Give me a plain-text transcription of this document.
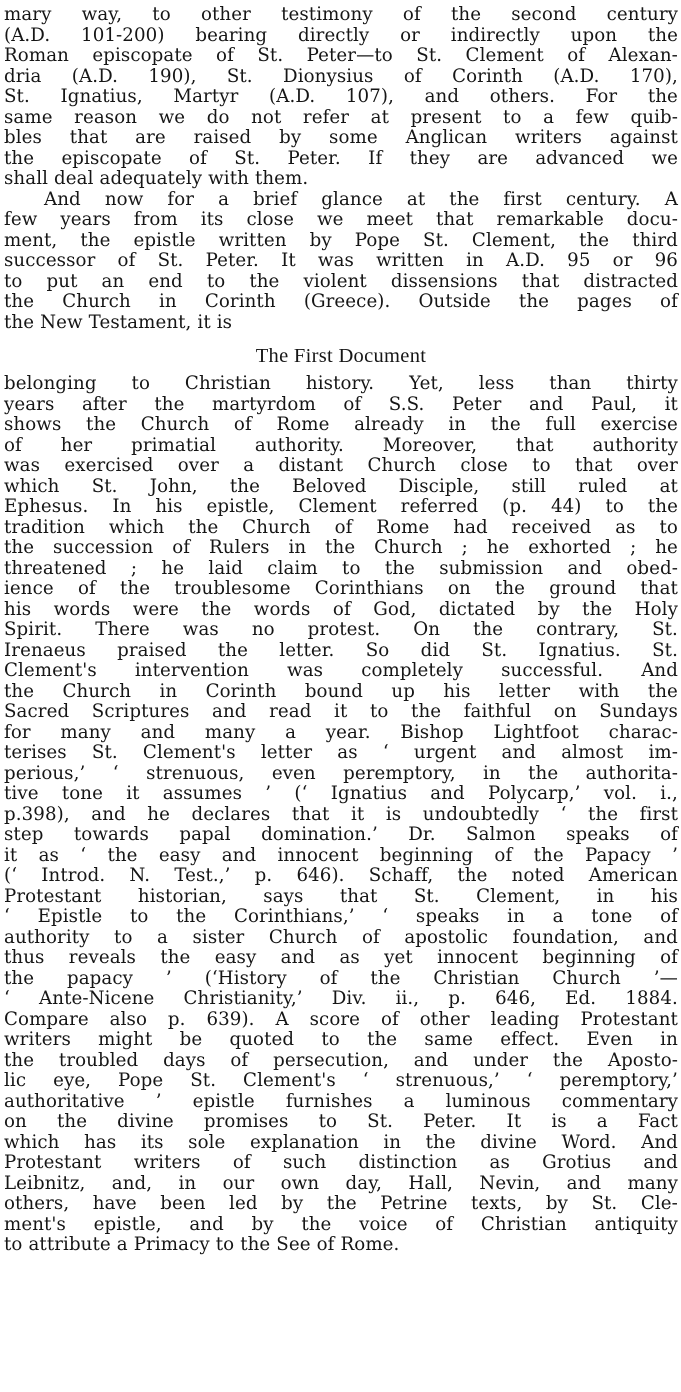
mary way, to other testimony of the second century
(A.D. 101-200) bearing directly or indirectly upon the
Roman episcopate of St. Peter—to St. Clement of Alexan-
dria (A.D. 190), St. Dionysius of Corinth (A.D. 170),
St. Ignatius, Martyr (A.D. 107), and others. For the
same reason we do not refer at present to a few quib-
bles that are raised by some Anglican writers against
the episcopate of St. Peter. If they are advanced we
shall deal adequately with them.
And now for a brief glance at the first century. A
few years from its close we meet that remarkable docu-
ment, the epistle written by Pope St. Clement, the third
successor of St. Peter. It was written in A.D. 95 or 96
to put an end to the violent dissensions that distracted
the Church in Corinth (Greece). Outside the pages of
the New Testament, it is
The First Document
belonging to Christian history. Yet, less than thirty
years after the martyrdom of S.S. Peter and Paul, it
shows the Church of Rome already in the full exercise
of her primatial authority. Moreover, that authority
was exercised over a distant Church close to that over
which St. John, the Beloved Disciple, still ruled at
Ephesus. In his epistle, Clement referred (p. 44) to the
tradition which the Church of Rome had received as to
the succession of Rulers in the Church ; he exhorted ; he
threatened ; he laid claim to the submission and obed-
ience of the troublesome Corinthians on the ground that
his words were the words of God, dictated by the Holy
Spirit. There was no protest. On the contrary, St.
Irenaeus praised the letter. So did St. Ignatius. St.
Clement's intervention was completely successful. And
the Church in Corinth bound up his letter with the
Sacred Scriptures and read it to the faithful on Sundays
for many and many a year. Bishop Lightfoot charac-
terises St. Clement's letter as ‘ urgent and almost im-
perious,’ ‘ strenuous, even peremptory, in the authorita-
tive tone it assumes ’ (‘ Ignatius and Polycarp,’ vol. i.,
p.398), and he declares that it is undoubtedly ‘ the first
step towards papal domination.’ Dr. Salmon speaks of
it as ‘ the easy and innocent beginning of the Papacy ’
(‘ Introd. N. Test.,’ p. 646). Schaff, the noted American
Protestant historian, says that St. Clement, in his
‘ Epistle to the Corinthians,’ ‘ speaks in a tone of
authority to a sister Church of apostolic foundation, and
thus reveals the easy and as yet innocent beginning of
the papacy ’ (‘History of the Christian Church ’—
‘ Ante-Nicene Christianity,’ Div. ii., p. 646, Ed. 1884.
Compare also p. 639). A score of other leading Protestant
writers might be quoted to the same effect. Even in
the troubled days of persecution, and under the Aposto-
lic eye, Pope St. Clement's ‘ strenuous,’ ‘ peremptory,’
authoritative ’ epistle furnishes a luminous commentary
on the divine promises to St. Peter. It is a Fact
which has its sole explanation in the divine Word. And
Protestant writers of such distinction as Grotius and
Leibnitz, and, in our own day, Hall, Nevin, and many
others, have been led by the Petrine texts, by St. Cle-
ment's epistle, and by the voice of Christian antiquity
to attribute a Primacy to the See of Rome.
